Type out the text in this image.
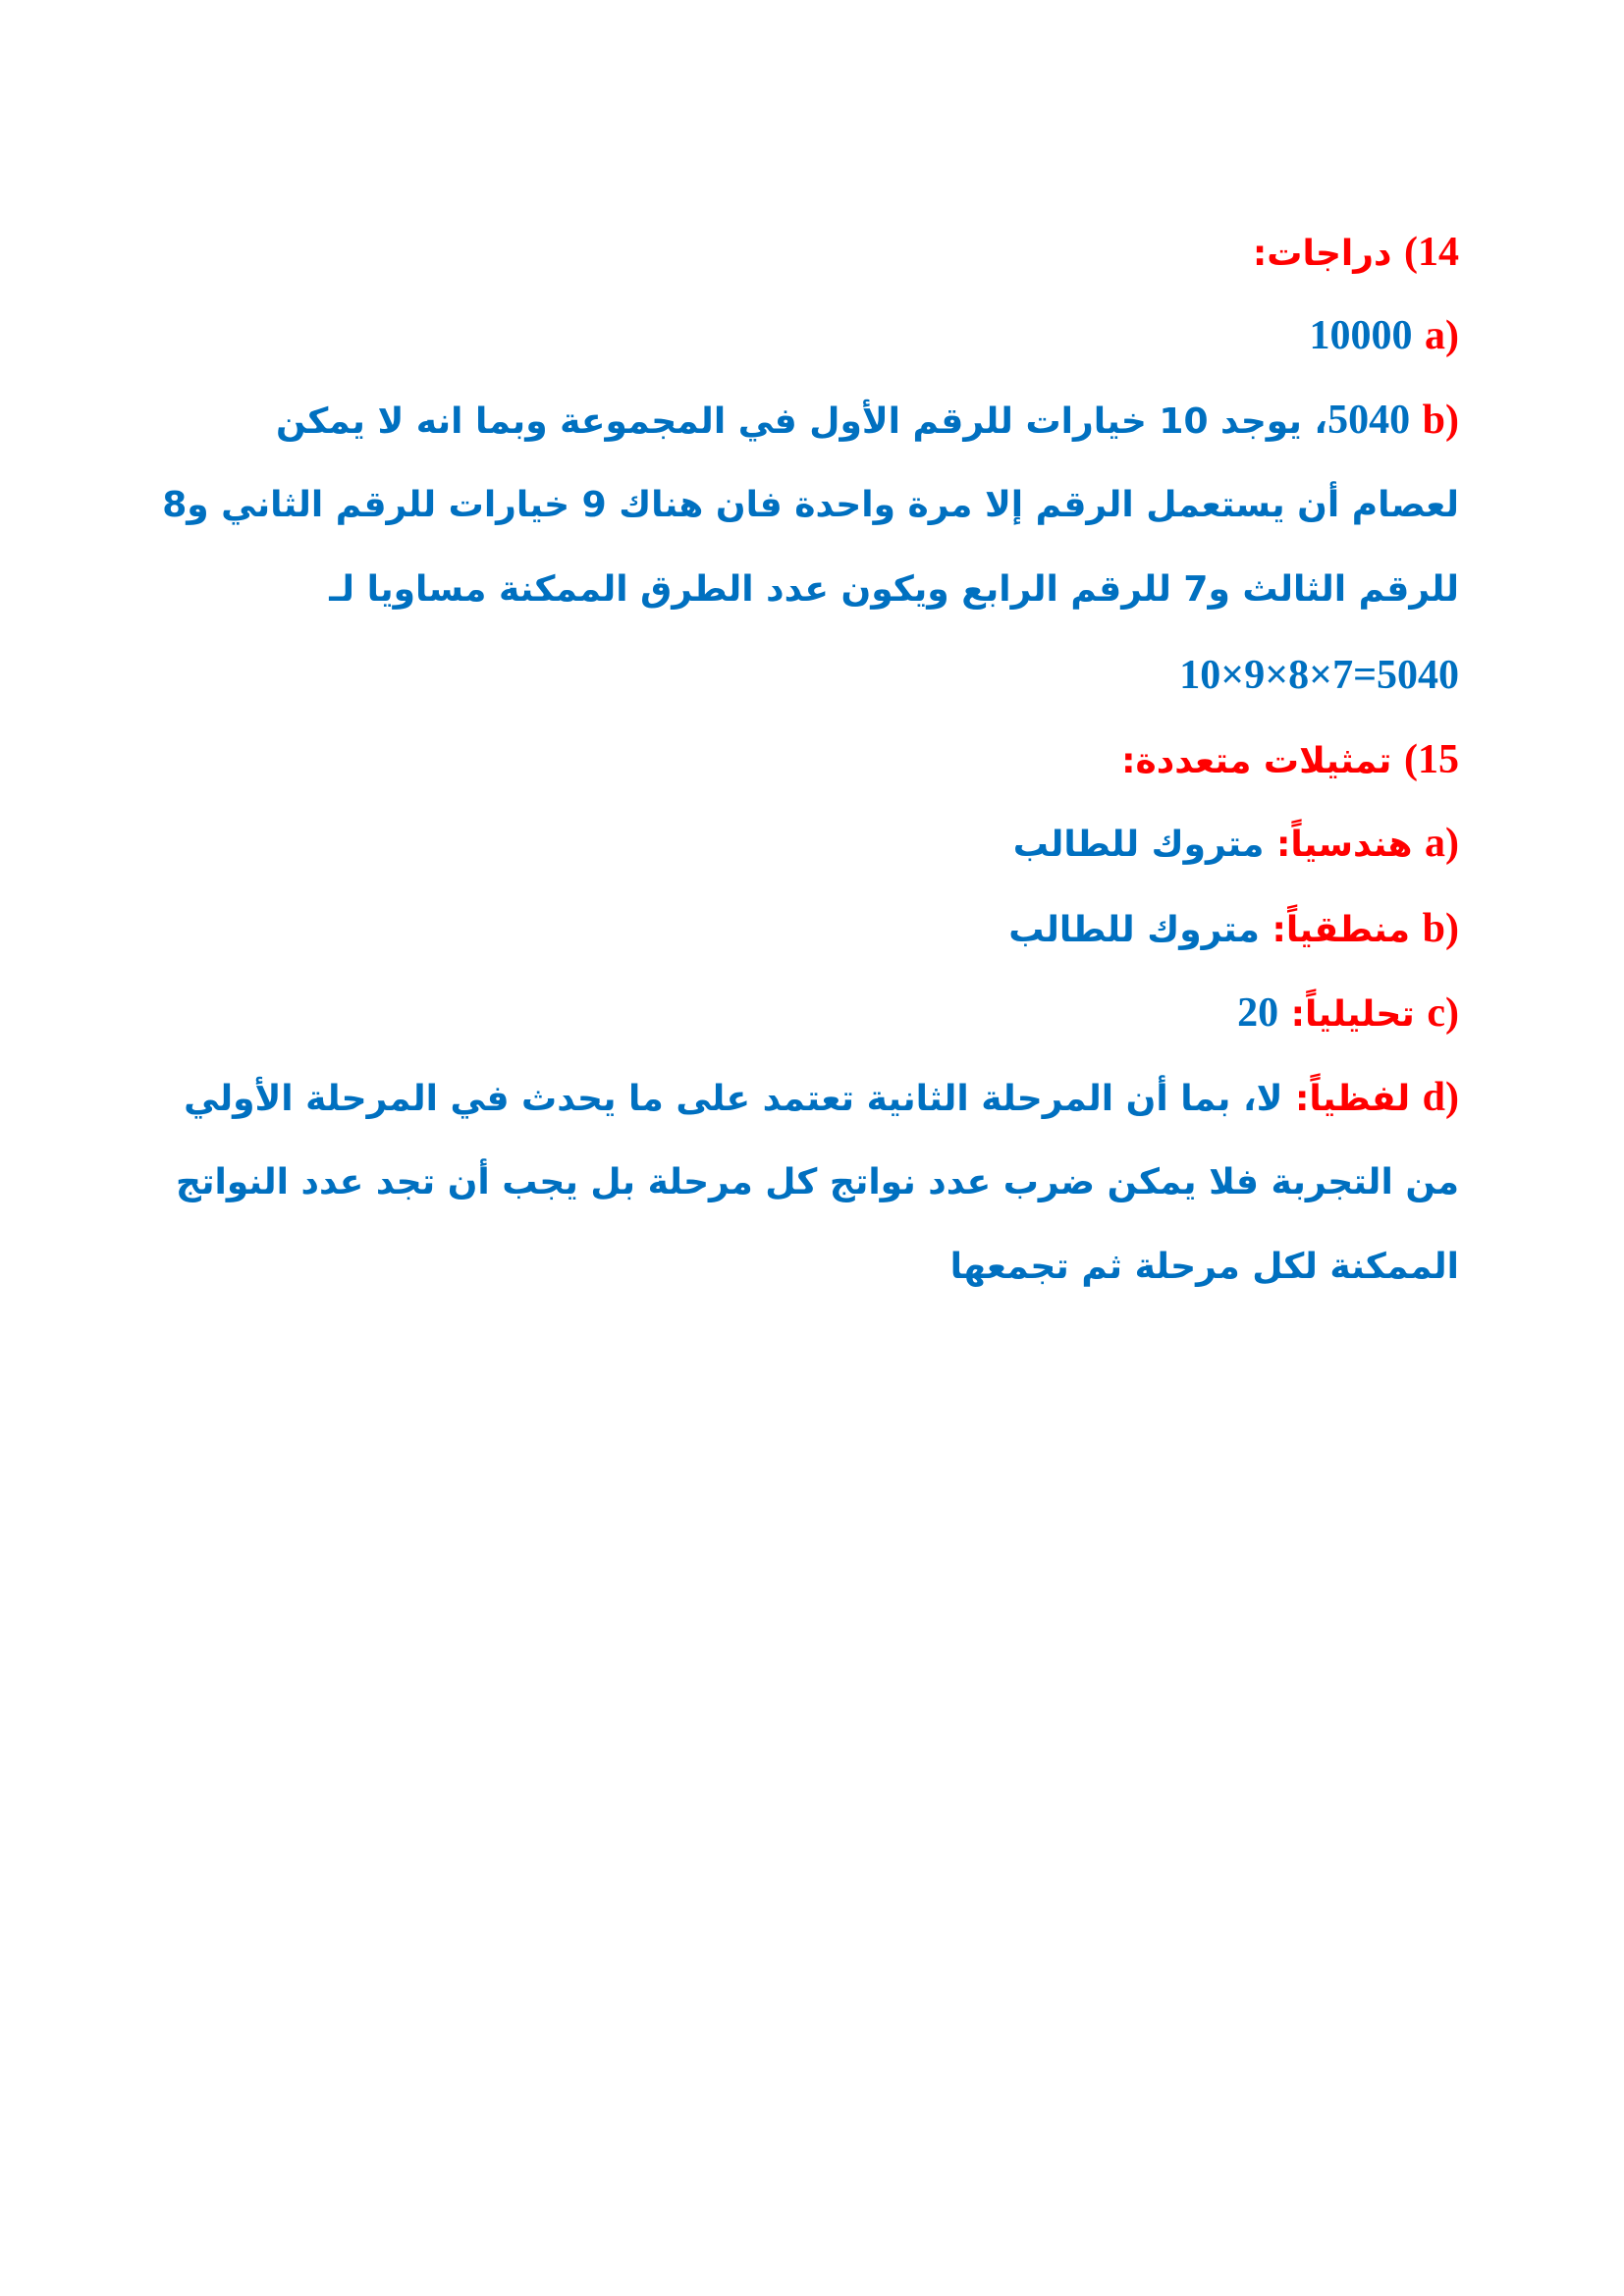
14) دراجات:
10000 a)
b) 5040، يوجد 10 خيارات للرقم الأول في المجموعة وبما انه لا يمكن
لعصام أن يستعمل الرقم إلا مرة واحدة فان هناك 9 خيارات للرقم الثاني و8
للرقم الثالث و7 للرقم الرابع ويكون عدد الطرق الممكنة مساويا لـ
10×9×8×7=5040
15) تمثيلات متعددة:
a) هندسياً: متروك للطالب
b) منطقياً: متروك للطالب
c) تحليلياً: 20
d) لفظياً: لا، بما أن المرحلة الثانية تعتمد على ما يحدث في المرحلة الأولي
من التجربة فلا يمكن ضرب عدد نواتج كل مرحلة بل يجب أن تجد عدد النواتج
الممكنة لكل مرحلة ثم تجمعها
